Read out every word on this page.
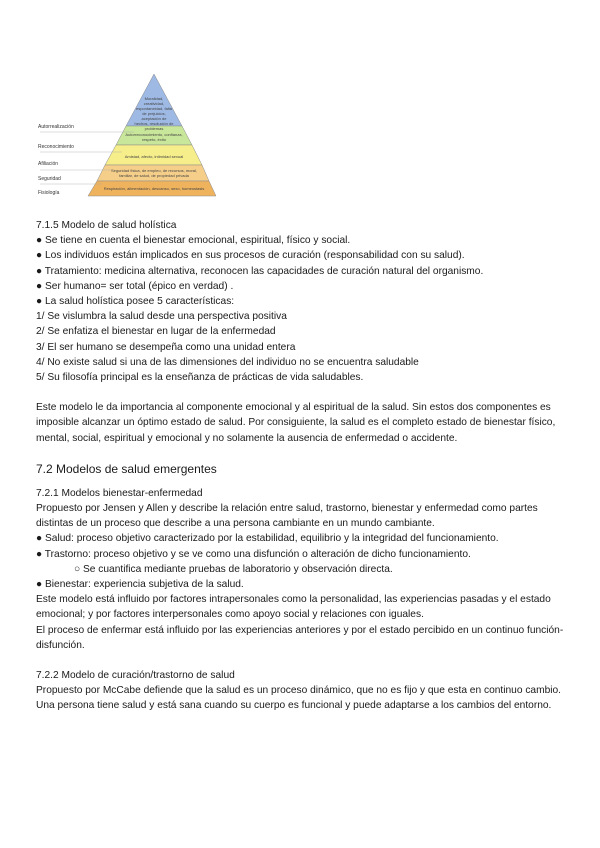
Autorrealización
Reconocimiento
Afiliación
Seguridad
Fisiología
Moralidad, creatividad, espontaneidad, falta de prejuicios, aceptación de hechos, resolución de problemas
Autorreconocimiento, confianza, respeto, éxito
Amistad, afecto, intimidad sexual
Seguridad física, de empleo, de recursos, moral, familiar, de salud, de propiedad privada
Respiración, alimentación, descanso, sexo, homeostasis
7.1.5 Modelo de salud holística
● Se tiene en cuenta el bienestar emocional, espiritual, físico y social.
● Los individuos están implicados en sus procesos de curación (responsabilidad con su salud).
● Tratamiento: medicina alternativa, reconocen las capacidades de curación natural del organismo.
● Ser humano= ser total (épico en verdad) .
● La salud holística posee 5 características:
1/ Se vislumbra la salud desde una perspectiva positiva
2/ Se enfatiza el bienestar en lugar de la enfermedad
3/ El ser humano se desempeña como una unidad entera
4/ No existe salud si una de las dimensiones del individuo no se encuentra saludable
5/ Su filosofía principal es la enseñanza de prácticas de vida saludables.
Este modelo le da importancia al componente emocional y al espiritual de la salud. Sin estos dos componentes es imposible alcanzar un óptimo estado de salud. Por consiguiente, la salud es el completo estado de bienestar físico, mental, social, espiritual y emocional y no solamente la ausencia de enfermedad o accidente.
7.2 Modelos de salud emergentes
7.2.1 Modelos bienestar-enfermedad
Propuesto por Jensen y Allen y describe la relación entre salud, trastorno, bienestar y enfermedad como partes distintas de un proceso que describe a una persona cambiante en un mundo cambiante.
● Salud: proceso objetivo caracterizado por la estabilidad, equilibrio y la integridad del funcionamiento.
● Trastorno: proceso objetivo y se ve como una disfunción o alteración de dicho funcionamiento.
○ Se cuantifica mediante pruebas de laboratorio y observación directa.
● Bienestar: experiencia subjetiva de la salud.
Este modelo está influido por factores intrapersonales como la personalidad, las experiencias pasadas y el estado emocional; y por factores interpersonales como apoyo social y relaciones con iguales.
El proceso de enfermar está influido por las experiencias anteriores y por el estado percibido en un continuo función- disfunción.
7.2.2 Modelo de curación/trastorno de salud
Propuesto por McCabe defiende que la salud es un proceso dinámico, que no es fijo y que esta en continuo cambio. Una persona tiene salud y está sana cuando su cuerpo es funcional y puede adaptarse a los cambios del entorno.
